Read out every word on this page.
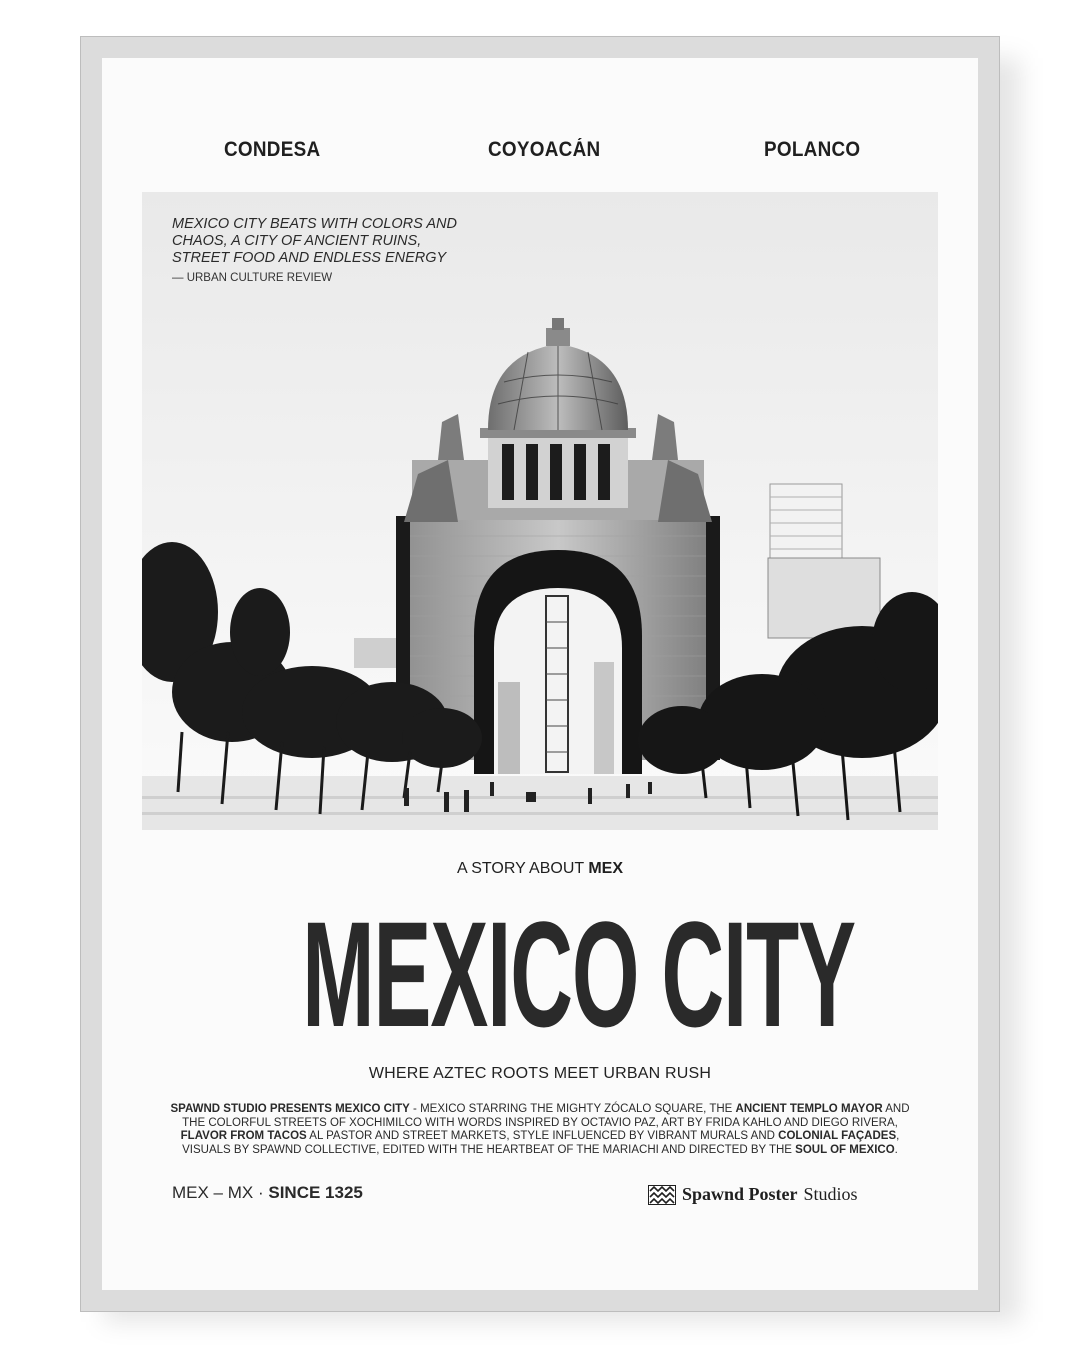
CONDESA	COYOACÁN	POLANCO
MEXICO CITY BEATS WITH COLORS AND CHAOS, A CITY OF ANCIENT RUINS, STREET FOOD AND ENDLESS ENERGY
— URBAN CULTURE REVIEW
A STORY ABOUT MEX
MEXICO CITY
WHERE AZTEC ROOTS MEET URBAN RUSH
SPAWND STUDIO PRESENTS MEXICO CITY - MEXICO STARRING THE MIGHTY ZÓCALO SQUARE, THE ANCIENT TEMPLO MAYOR AND THE COLORFUL STREETS OF XOCHIMILCO WITH WORDS INSPIRED BY OCTAVIO PAZ, ART BY FRIDA KAHLO AND DIEGO RIVERA, FLAVOR FROM TACOS AL PASTOR AND STREET MARKETS, STYLE INFLUENCED BY VIBRANT MURALS AND COLONIAL FAÇADES, VISUALS BY SPAWND COLLECTIVE, EDITED WITH THE HEARTBEAT OF THE MARIACHI AND DIRECTED BY THE SOUL OF MEXICO.
MEX – MX · SINCE 1325	Spawnd Poster Studios
